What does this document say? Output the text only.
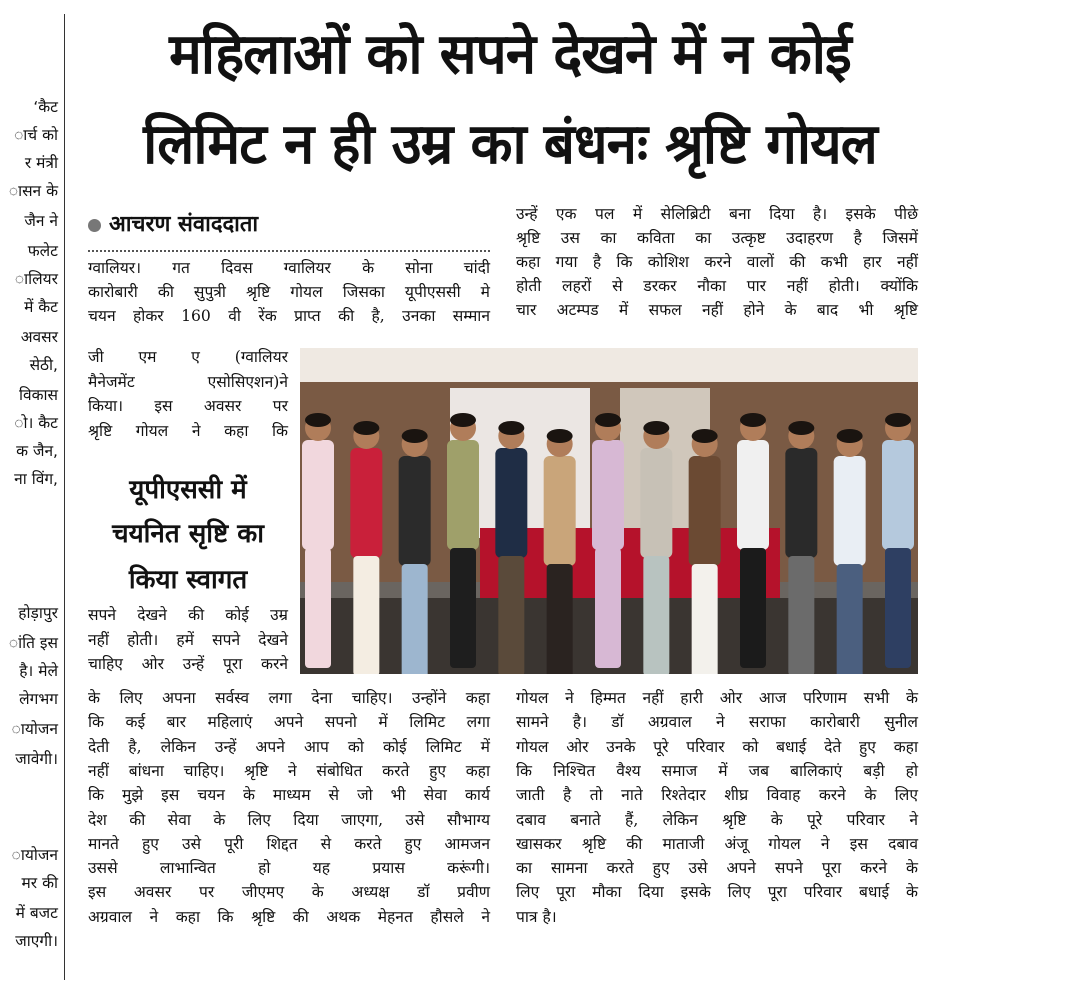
‘कैट
ार्च को
र मंत्री
ासन के
जैन ने
फलेट
ालियर
में कैट
अवसर
सेठी,
विकास
ो। कैट
क जैन,
ना विंग,
होड़ापुर
ांति इस
है। मेले
लेगभग
ायोजन
जावेगी।
ायोजन
मर की
में बजट
जाएगी।
महिलाओं को सपने देखने में न कोई
लिमिट न ही उम्र का बंधनः श्रृष्टि गोयल
आचरण संवाददाता
ग्वालियर। गत दिवस ग्वालियर के सोना चांदी
कारोबारी की सुपुत्री श्रृष्टि गोयल जिसका यूपीएससी मे
चयन होकर 160 वी रेंक प्राप्त की है, उनका सम्मान
जी एम ए (ग्वालियर
मैनेजमेंट एसोसिएशन)ने
किया। इस अवसर पर
श्रृष्टि गोयल ने कहा कि
यूपीएससी में
चयनित सृष्टि का
किया स्वागत
सपने देखने की कोई उम्र
नहीं होती। हमें सपने देखने
चाहिए ओर उन्हें पूरा करने
के लिए अपना सर्वस्व लगा देना चाहिए। उन्होंने कहा
कि कई बार महिलाएं अपने सपनो में लिमिट लगा
देती है, लेकिन उन्हें अपने आप को कोई लिमिट में
नहीं बांधना चाहिए। श्रृष्टि ने संबोधित करते हुए कहा
कि मुझे इस चयन के माध्यम से जो भी सेवा कार्य
देश की सेवा के लिए दिया जाएगा, उसे सौभाग्य
मानते हुए उसे पूरी शिद्दत से करते हुए आमजन
उससे लाभान्वित हो यह प्रयास करूंगी।
इस अवसर पर जीएमए के अध्यक्ष डॉ प्रवीण
अग्रवाल ने कहा कि श्रृष्टि की अथक मेहनत हौसले ने
उन्हें एक पल में सेलिब्रिटी बना दिया है। इसके पीछे
श्रृष्टि उस का कविता का उत्कृष्ट उदाहरण है जिसमें
कहा गया है कि कोशिश करने वालों की कभी हार नहीं
होती लहरों से डरकर नौका पार नहीं होती। क्योंकि
चार अटम्पड में सफल नहीं होने के बाद भी श्रृष्टि
गोयल ने हिम्मत नहीं हारी ओर आज परिणाम सभी के
सामने है। डॉ अग्रवाल ने सराफा कारोबारी सुनील
गोयल ओर उनके पूरे परिवार को बधाई देते हुए कहा
कि निश्चित वैश्य समाज में जब बालिकाएं बड़ी हो
जाती है तो नाते रिश्तेदार शीघ्र विवाह करने के लिए
दबाव बनाते हैं, लेकिन श्रृष्टि के पूरे परिवार ने
खासकर श्रृष्टि की माताजी अंजू गोयल ने इस दबाव
का सामना करते हुए उसे अपने सपने पूरा करने के
लिए पूरा मौका दिया इसके लिए पूरा परिवार बधाई के
पात्र है।
